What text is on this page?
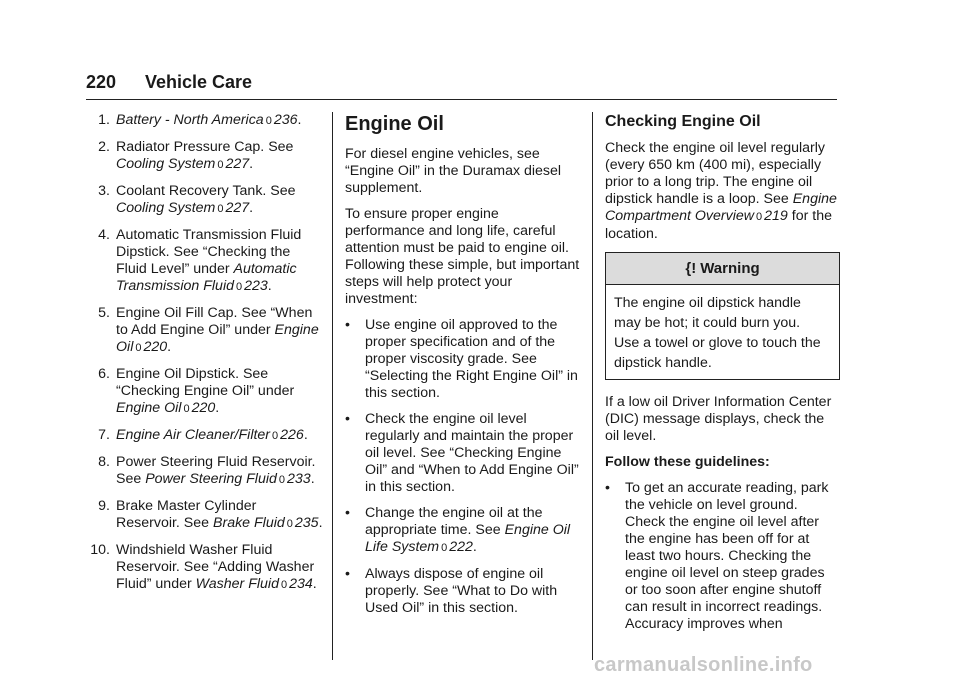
220 Vehicle Care
1. Battery - North America 0 236.
2. Radiator Pressure Cap. See Cooling System 0 227.
3. Coolant Recovery Tank. See Cooling System 0 227.
4. Automatic Transmission Fluid Dipstick. See “Checking the Fluid Level” under Automatic Transmission Fluid 0 223.
5. Engine Oil Fill Cap. See “When to Add Engine Oil” under Engine Oil 0 220.
6. Engine Oil Dipstick. See “Checking Engine Oil” under Engine Oil 0 220.
7. Engine Air Cleaner/Filter 0 226.
8. Power Steering Fluid Reservoir. See Power Steering Fluid 0 233.
9. Brake Master Cylinder Reservoir. See Brake Fluid 0 235.
10. Windshield Washer Fluid Reservoir. See “Adding Washer Fluid” under Washer Fluid 0 234.
Engine Oil

For diesel engine vehicles, see “Engine Oil” in the Duramax diesel supplement.

To ensure proper engine performance and long life, careful attention must be paid to engine oil. Following these simple, but important steps will help protect your investment:

• Use engine oil approved to the proper specification and of the proper viscosity grade. See “Selecting the Right Engine Oil” in this section.
• Check the engine oil level regularly and maintain the proper oil level. See “Checking Engine Oil” and “When to Add Engine Oil” in this section.
• Change the engine oil at the appropriate time. See Engine Oil Life System 0 222.
• Always dispose of engine oil properly. See “What to Do with Used Oil” in this section.
Checking Engine Oil

Check the engine oil level regularly (every 650 km (400 mi), especially prior to a long trip. The engine oil dipstick handle is a loop. See Engine Compartment Overview 0 219 for the location.

{! Warning
The engine oil dipstick handle
may be hot; it could burn you.
Use a towel or glove to touch the
dipstick handle.

If a low oil Driver Information Center (DIC) message displays, check the oil level.

Follow these guidelines:

• To get an accurate reading, park the vehicle on level ground. Check the engine oil level after the engine has been off for at least two hours. Checking the engine oil level on steep grades or too soon after engine shutoff can result in incorrect readings. Accuracy improves when
carmanualsonline.info
